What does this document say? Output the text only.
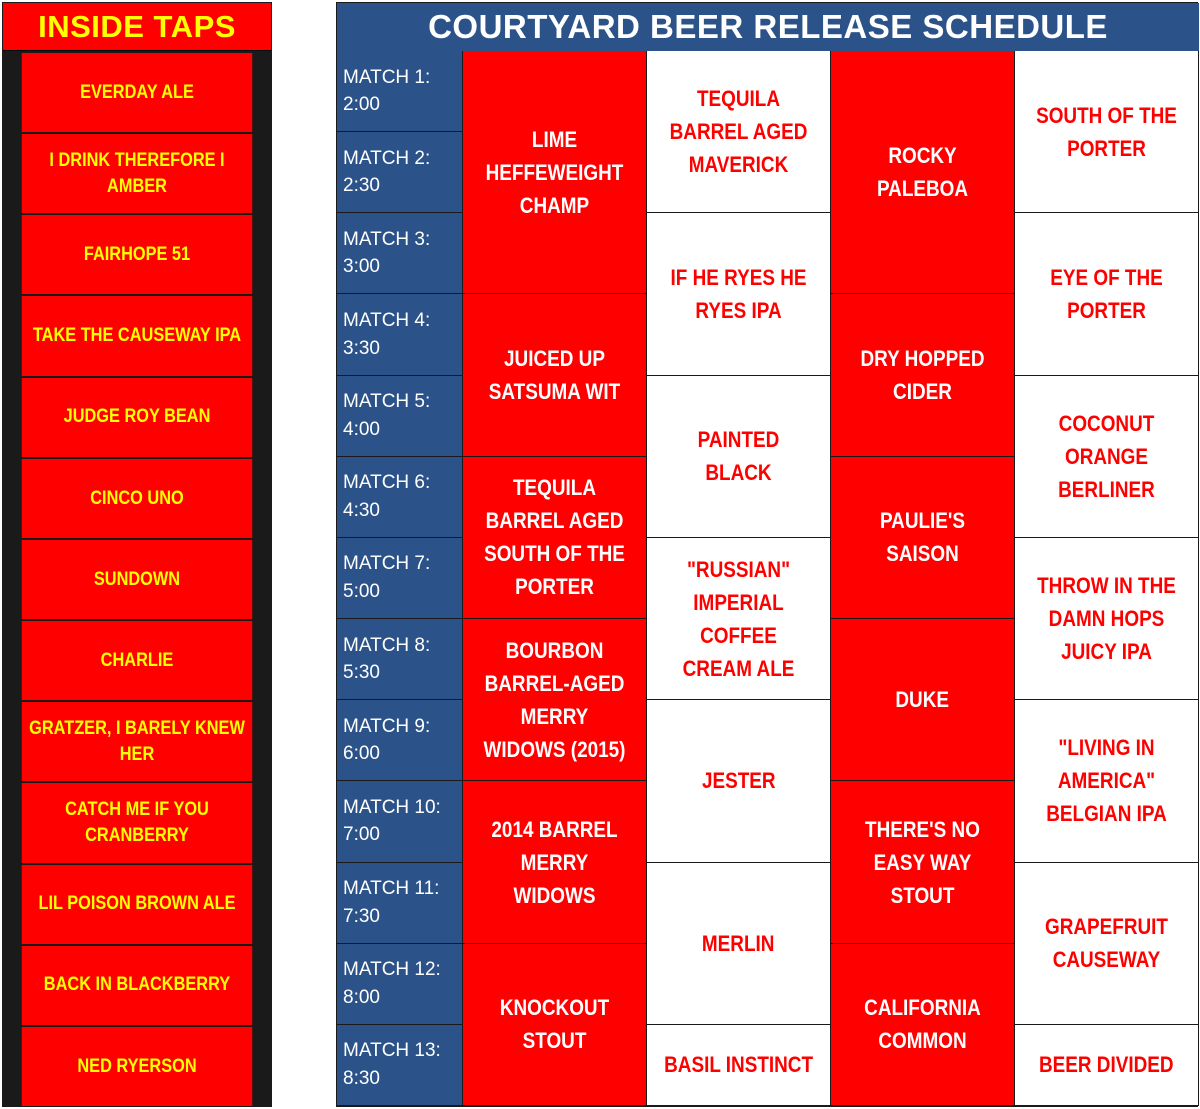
INSIDE TAPS
EVERDAY ALE
I DRINK THEREFORE I AMBER
FAIRHOPE 51
TAKE THE CAUSEWAY IPA
JUDGE ROY BEAN
CINCO UNO
SUNDOWN
CHARLIE
GRATZER, I BARELY KNEW HER
CATCH ME IF YOU CRANBERRY
LIL POISON BROWN ALE
BACK IN BLACKBERRY
NED RYERSON
COURTYARD BEER RELEASE SCHEDULE
MATCH 1: 2:00
MATCH 2: 2:30
MATCH 3: 3:00
MATCH 4: 3:30
MATCH 5: 4:00
MATCH 6: 4:30
MATCH 7: 5:00
MATCH 8: 5:30
MATCH 9: 6:00
MATCH 10: 7:00
MATCH 11: 7:30
MATCH 12: 8:00
MATCH 13: 8:30
LIME HEFFEWEIGHT CHAMP
JUICED UP SATSUMA WIT
TEQUILA BARREL AGED SOUTH OF THE PORTER
BOURBON BARREL-AGED MERRY WIDOWS (2015)
2014 BARREL MERRY WIDOWS
KNOCKOUT STOUT
TEQUILA BARREL AGED MAVERICK
IF HE RYES HE RYES IPA
PAINTED BLACK
"RUSSIAN" IMPERIAL COFFEE CREAM ALE
JESTER
MERLIN
BASIL INSTINCT
ROCKY PALEBOA
DRY HOPPED CIDER
PAULIE'S SAISON
DUKE
THERE'S NO EASY WAY STOUT
CALIFORNIA COMMON
SOUTH OF THE PORTER
EYE OF THE PORTER
COCONUT ORANGE BERLINER
THROW IN THE DAMN HOPS JUICY IPA
"LIVING IN AMERICA" BELGIAN IPA
GRAPEFRUIT CAUSEWAY
BEER DIVIDED
